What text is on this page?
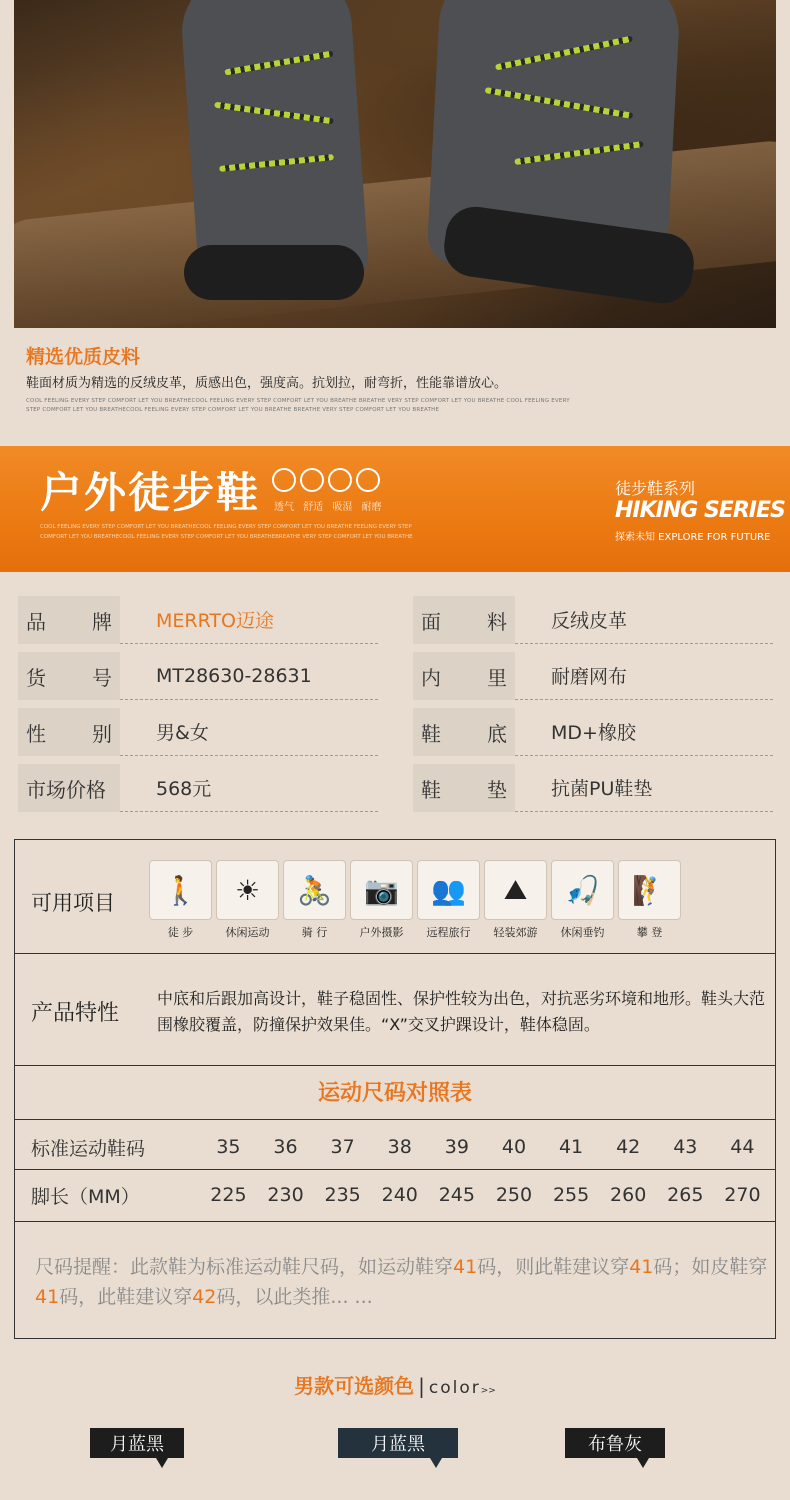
精选优质皮料
鞋面材质为精选的反绒皮革，质感出色，强度高。抗划拉，耐弯折，性能靠谱放心。
COOL FEELING EVERY STEP COMFORT LET YOU BREATHECOOL FEELING EVERY STEP COMFORT LET YOU BREATHE BREATHE VERY STEP COMFORT LET YOU BREATHE COOL FEELING EVERY STEP COMFORT LET YOU BREATHECOOL FEELING EVERY STEP COMFORT LET YOU BREATHE BREATHE VERY STEP COMFORT LET YOU BREATHE
户外徒步鞋 透气 舒适 吸湿 耐磨
COOL FEELING EVERY STEP COMFORT LET YOU BREATHECOOL FEELING EVERY STEP COMFORT LET YOU BREATHE FEELING EVERY STEP COMFORT LET YOU BREATHECOOL FEELING EVERY STEP COMFORT LET YOU BREATHEBREATHE VERY STEP COMFORT LET YOU BREATHE
徒步鞋系列
HIKING SERIES
探索未知 EXPLORE FOR FUTURE
品 牌	MERRTO迈途
货 号	MT28630-28631
性 别	男&女
市场价格	568元
面 料	反绒皮革
内 里	耐磨网布
鞋 底	MD+橡胶
鞋 垫	抗菌PU鞋垫
可用项目	🚶
徒 步
☀
休闲运动
🚴
骑 行
📷
户外摄影
👥
远程旅行
⛰
轻装郊游
🎣
休闲垂钓
🧗
攀 登
产品特性
中底和后跟加高设计，鞋子稳固性、保护性较为出色，对抗恶劣环境和地形。鞋头大范围橡胶覆盖，防撞保护效果佳。“X”交叉护踝设计，鞋体稳固。
运动尺码对照表
标准运动鞋码	35	36	37	38	39	40	41	42	43	44
脚长（MM）	225	230	235	240	245	250	255	260	265	270
尺码提醒：此款鞋为标准运动鞋尺码，如运动鞋穿41码，则此鞋建议穿41码；如皮鞋穿41码，此鞋建议穿42码，以此类推... ...
男款可选颜色 | color>>
月蓝黑	月蓝黑	布鲁灰
